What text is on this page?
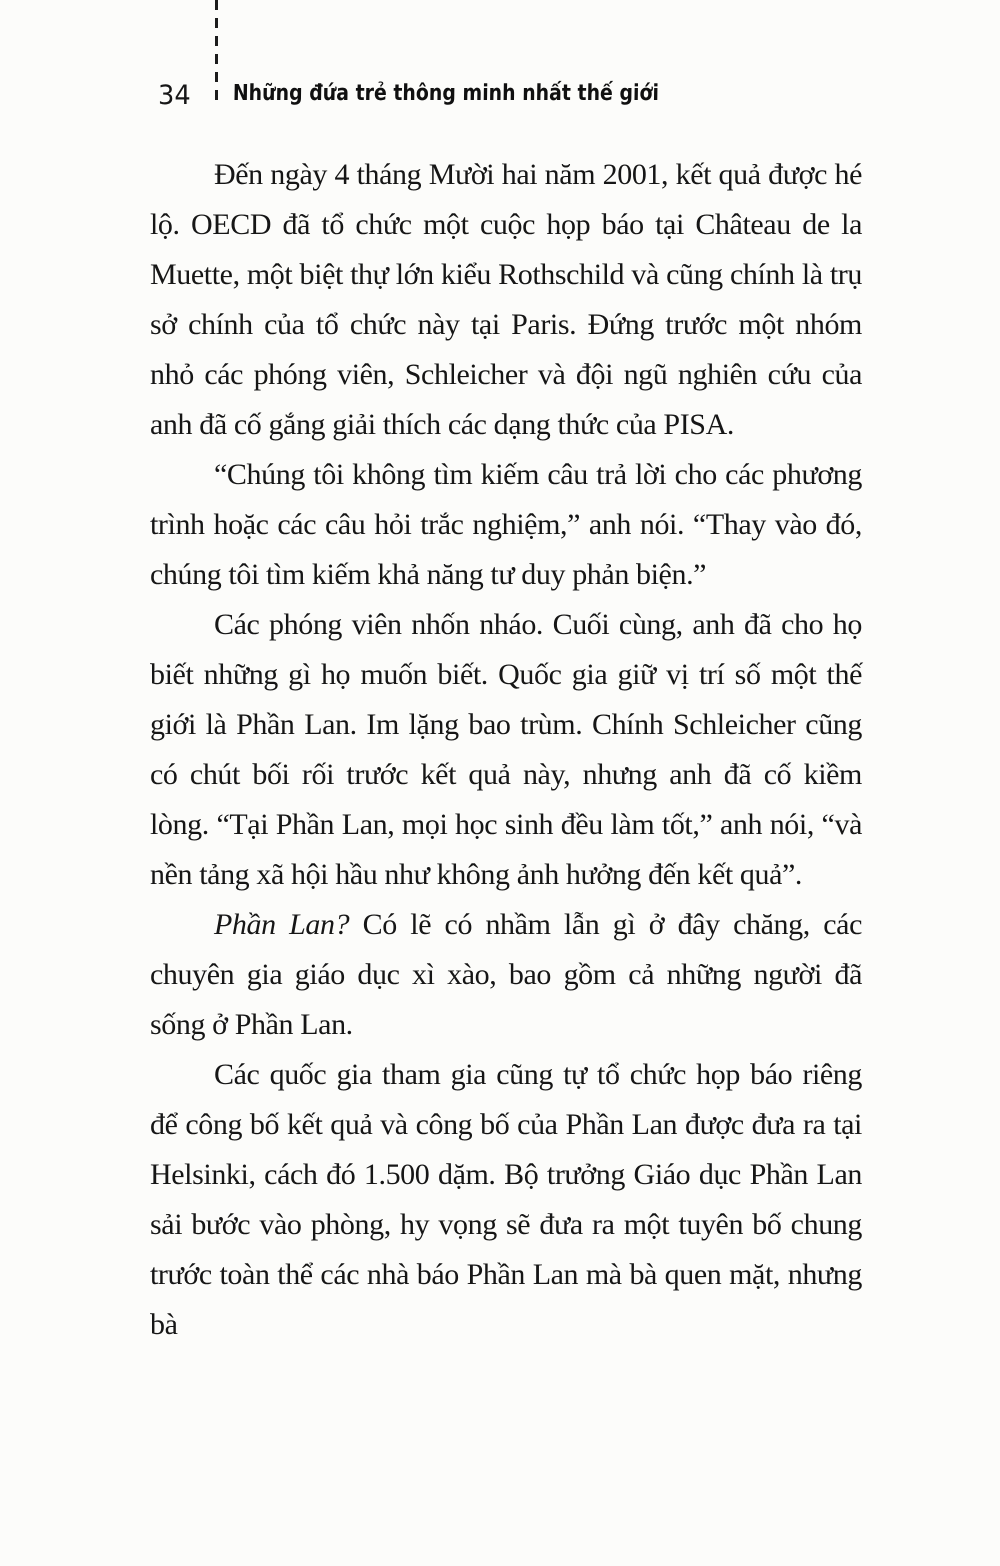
34 Những đứa trẻ thông minh nhất thế giới

Đến ngày 4 tháng Mười hai năm 2001, kết quả được hé lộ. OECD đã tổ chức một cuộc họp báo tại Château de la Muette, một biệt thự lớn kiểu Rothschild và cũng chính là trụ sở chính của tổ chức này tại Paris. Đứng trước một nhóm nhỏ các phóng viên, Schleicher và đội ngũ nghiên cứu của anh đã cố gắng giải thích các dạng thức của PISA.

“Chúng tôi không tìm kiếm câu trả lời cho các phương trình hoặc các câu hỏi trắc nghiệm,” anh nói. “Thay vào đó, chúng tôi tìm kiếm khả năng tư duy phản biện.”

Các phóng viên nhốn nháo. Cuối cùng, anh đã cho họ biết những gì họ muốn biết. Quốc gia giữ vị trí số một thế giới là Phần Lan. Im lặng bao trùm. Chính Schleicher cũng có chút bối rối trước kết quả này, nhưng anh đã cố kiềm lòng. “Tại Phần Lan, mọi học sinh đều làm tốt,” anh nói, “và nền tảng xã hội hầu như không ảnh hưởng đến kết quả”.

Phần Lan? Có lẽ có nhầm lẫn gì ở đây chăng, các chuyên gia giáo dục xì xào, bao gồm cả những người đã sống ở Phần Lan.

Các quốc gia tham gia cũng tự tổ chức họp báo riêng để công bố kết quả và công bố của Phần Lan được đưa ra tại Helsinki, cách đó 1.500 dặm. Bộ trưởng Giáo dục Phần Lan sải bước vào phòng, hy vọng sẽ đưa ra một tuyên bố chung trước toàn thể các nhà báo Phần Lan mà bà quen mặt, nhưng bà
